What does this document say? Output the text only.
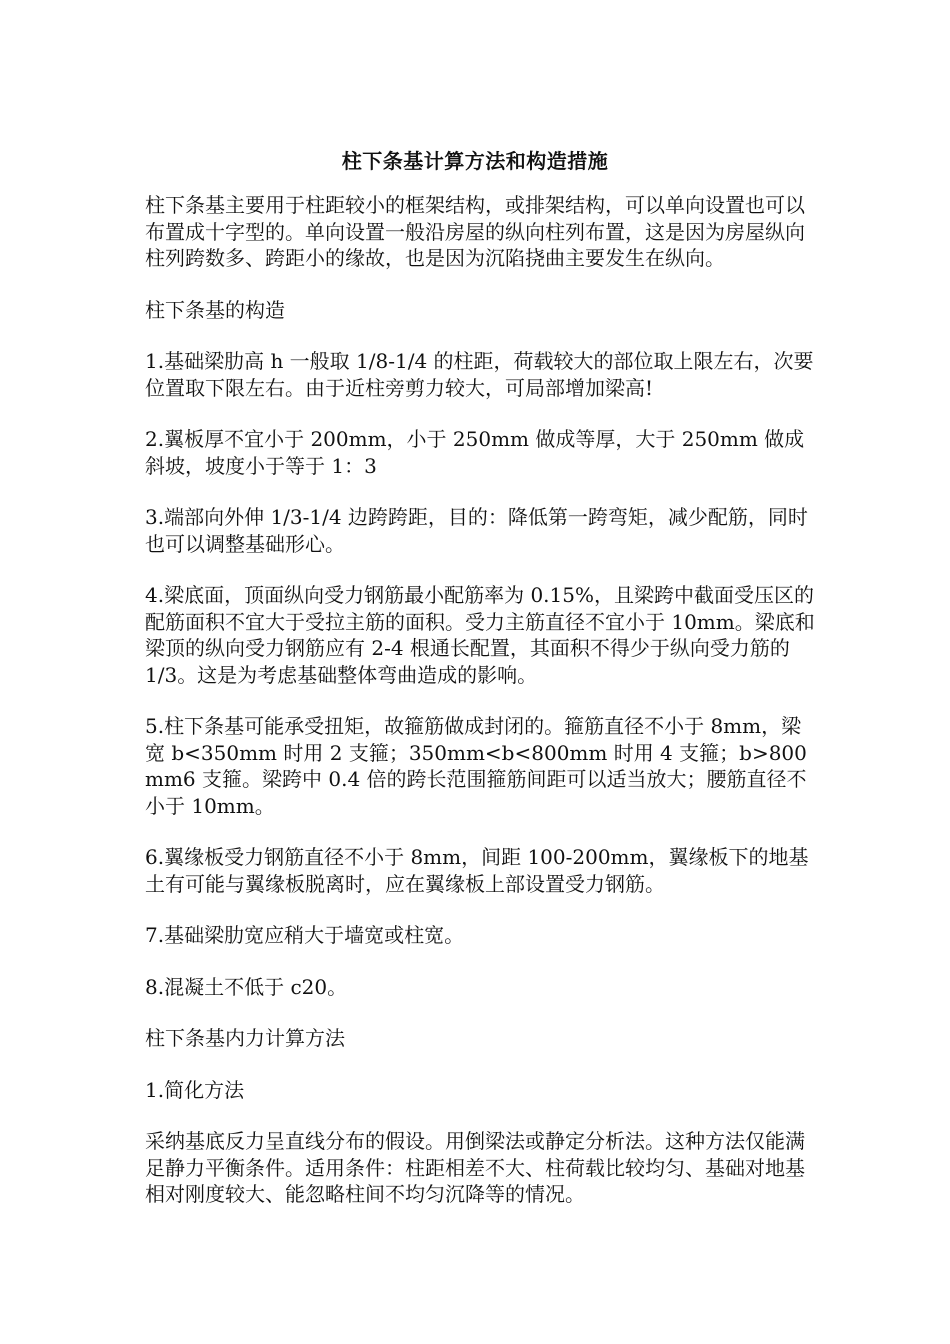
柱下条基计算方法和构造措施

柱下条基主要用于柱距较小的框架结构，或排架结构，可以单向设置也可以布置成十字型的。单向设置一般沿房屋的纵向柱列布置，这是因为房屋纵向柱列跨数多、跨距小的缘故，也是因为沉陷挠曲主要发生在纵向。

柱下条基的构造

1.基础梁肋高 h 一般取 1/8-1/4 的柱距，荷载较大的部位取上限左右，次要位置取下限左右。由于近柱旁剪力较大，可局部增加梁高!

2.翼板厚不宜小于 200mm，小于 250mm 做成等厚，大于 250mm 做成斜坡，坡度小于等于 1：3

3.端部向外伸 1/3-1/4 边跨跨距，目的：降低第一跨弯矩，减少配筋，同时也可以调整基础形心。

4.梁底面，顶面纵向受力钢筋最小配筋率为 0.15%，且梁跨中截面受压区的配筋面积不宜大于受拉主筋的面积。受力主筋直径不宜小于 10mm。梁底和梁顶的纵向受力钢筋应有 2-4 根通长配置，其面积不得少于纵向受力筋的 1/3。这是为考虑基础整体弯曲造成的影响。

5.柱下条基可能承受扭矩，故箍筋做成封闭的。箍筋直径不小于 8mm，梁宽 b<350mm 时用 2 支箍；350mm<b<800mm 时用 4 支箍；b>800mm6 支箍。梁跨中 0.4 倍的跨长范围箍筋间距可以适当放大；腰筋直径不小于 10mm。

6.翼缘板受力钢筋直径不小于 8mm，间距 100-200mm，翼缘板下的地基土有可能与翼缘板脱离时，应在翼缘板上部设置受力钢筋。

7.基础梁肋宽应稍大于墙宽或柱宽。

8.混凝土不低于 c20。

柱下条基内力计算方法

1.简化方法

采纳基底反力呈直线分布的假设。用倒梁法或静定分析法。这种方法仅能满足静力平衡条件。适用条件：柱距相差不大、柱荷载比较均匀、基础对地基相对刚度较大、能忽略柱间不均匀沉降等的情况。
